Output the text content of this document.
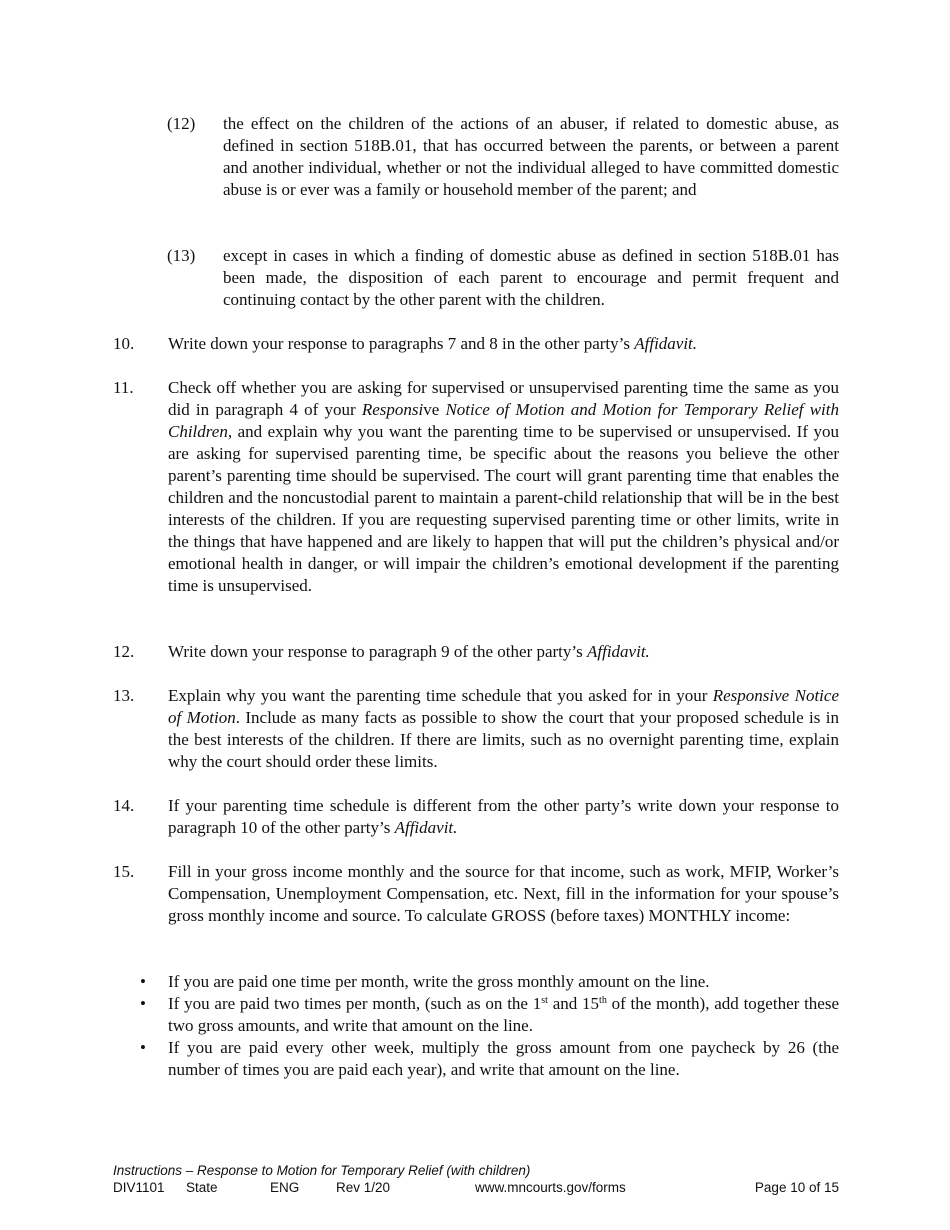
(12) the effect on the children of the actions of an abuser, if related to domestic abuse, as defined in section 518B.01, that has occurred between the parents, or between a parent and another individual, whether or not the individual alleged to have committed domestic abuse is or ever was a family or household member of the parent; and
(13) except in cases in which a finding of domestic abuse as defined in section 518B.01 has been made, the disposition of each parent to encourage and permit frequent and continuing contact by the other parent with the children.
10. Write down your response to paragraphs 7 and 8 in the other party’s Affidavit.
11. Check off whether you are asking for supervised or unsupervised parenting time the same as you did in paragraph 4 of your Responsive Notice of Motion and Motion for Temporary Relief with Children, and explain why you want the parenting time to be supervised or unsupervised. If you are asking for supervised parenting time, be specific about the reasons you believe the other parent’s parenting time should be supervised. The court will grant parenting time that enables the children and the noncustodial parent to maintain a parent-child relationship that will be in the best interests of the children. If you are requesting supervised parenting time or other limits, write in the things that have happened and are likely to happen that will put the children’s physical and/or emotional health in danger, or will impair the children’s emotional development if the parenting time is unsupervised.
12. Write down your response to paragraph 9 of the other party’s Affidavit.
13. Explain why you want the parenting time schedule that you asked for in your Responsive Notice of Motion. Include as many facts as possible to show the court that your proposed schedule is in the best interests of the children. If there are limits, such as no overnight parenting time, explain why the court should order these limits.
14. If your parenting time schedule is different from the other party’s write down your response to paragraph 10 of the other party’s Affidavit.
15. Fill in your gross income monthly and the source for that income, such as work, MFIP, Worker’s Compensation, Unemployment Compensation, etc. Next, fill in the information for your spouse’s gross monthly income and source. To calculate GROSS (before taxes) MONTHLY income:
• If you are paid one time per month, write the gross monthly amount on the line.
• If you are paid two times per month, (such as on the 1st and 15th of the month), add together these two gross amounts, and write that amount on the line.
• If you are paid every other week, multiply the gross amount from one paycheck by 26 (the number of times you are paid each year), and write that amount on the line.
Instructions – Response to Motion for Temporary Relief (with children)
DIV1101 State	ENG	Rev 1/20	www.mncourts.gov/forms	Page 10 of 15
